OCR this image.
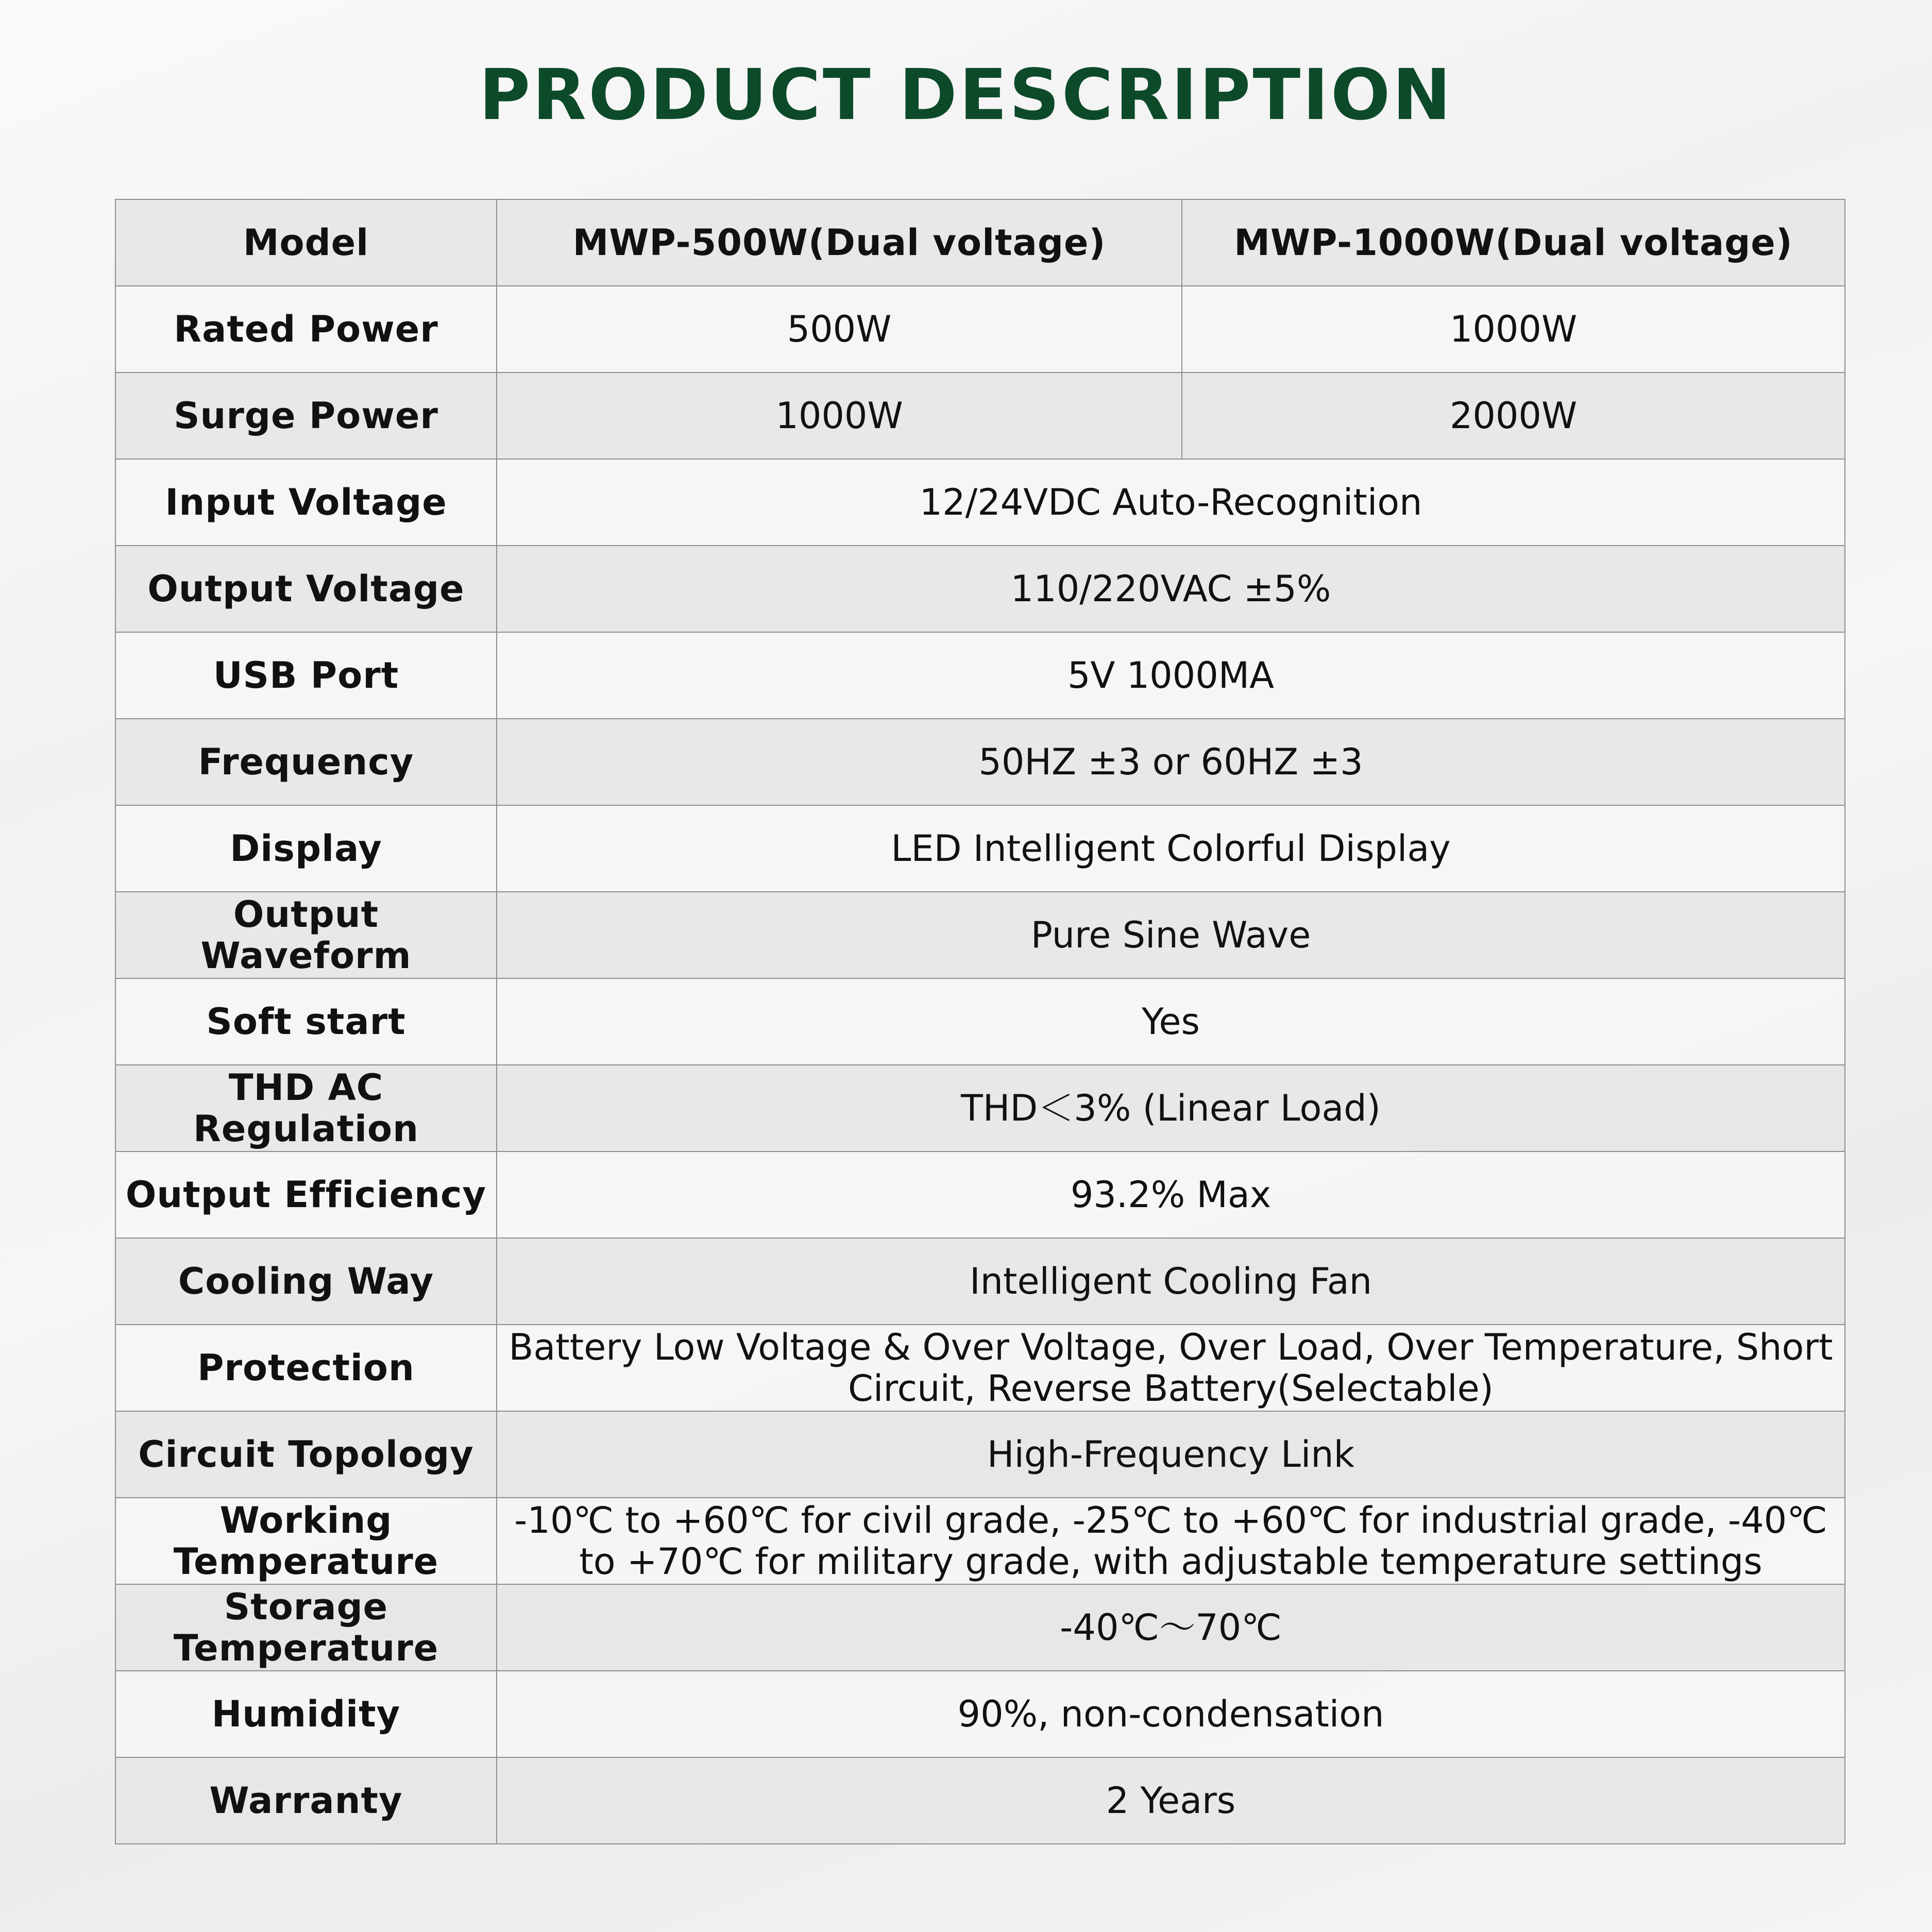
PRODUCT DESCRIPTION
Model	MWP-500W(Dual voltage)	MWP-1000W(Dual voltage)
Rated Power	500W	1000W
Surge Power	1000W	2000W
Input Voltage	12/24VDC Auto-Recognition	
Output Voltage	110/220VAC ±5%	
USB Port	5V 1000MA	
Frequency	50HZ ±3 or 60HZ ±3	
Display	LED Intelligent Colorful Display	
Output Waveform	Pure Sine Wave	
Soft start	Yes	
THD AC Regulation	THD＜3% (Linear Load)	
Output Efficiency	93.2% Max	
Cooling Way	Intelligent Cooling Fan	
Protection	Battery Low Voltage & Over Voltage, Over Load, Over Temperature, Short Circuit, Reverse Battery(Selectable)	
Circuit Topology	High-Frequency Link	
Working Temperature	-10℃ to +60℃ for civil grade, -25℃ to +60℃ for industrial grade, -40℃ to +70℃ for military grade, with adjustable temperature settings	
Storage Temperature	-40℃～70℃	
Humidity	90%, non-condensation	
Warranty	2 Years	
